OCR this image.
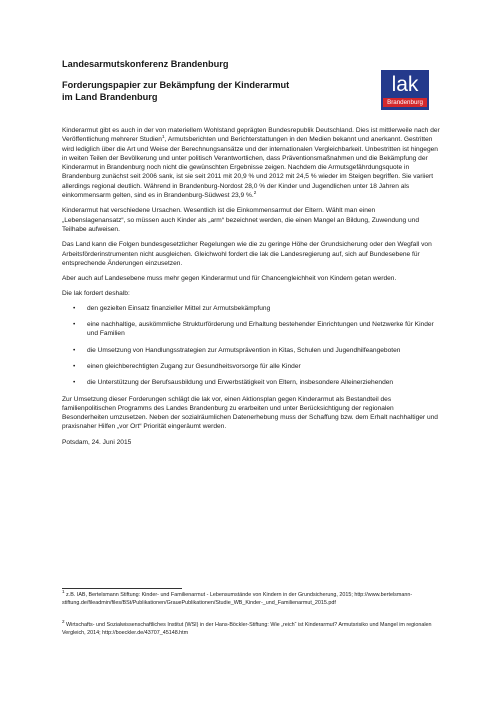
Landesarmutskonferenz Brandenburg
Forderungspapier zur Bekämpfung der Kinderarmut
im Land Brandenburg
lak
Brandenburg

Kinderarmut gibt es auch in der von materiellem Wohlstand geprägten Bundesrepublik Deutschland. Dies ist mittlerweile nach der Veröffentlichung mehrerer Studien$^1$, Armutsberichten und Berichterstattungen in den Medien bekannt und anerkannt. Gestritten wird lediglich über die Art und Weise der Berechnungsansätze und der internationalen Vergleichbarkeit. Unbestritten ist hingegen in weiten Teilen der Bevölkerung und unter politisch Verantwortlichen, dass Präventionsmaßnahmen und die Bekämpfung der Kinderarmut in Brandenburg noch nicht die gewünschten Ergebnisse zeigen. Nachdem die Armutsgefährdungsquote in Brandenburg zunächst seit 2006 sank, ist sie seit 2011 mit 20,9 % und 2012 mit 24,5 % wieder im Steigen begriffen. Sie variiert allerdings regional deutlich. Während in Brandenburg-Nordost 28,0 % der Kinder und Jugendlichen unter 18 Jahren als einkommensarm gelten, sind es in Brandenburg-Südwest 23,9 %.$^2$

Kinderarmut hat verschiedene Ursachen. Wesentlich ist die Einkommensarmut der Eltern. Wählt man einen „Lebenslagenansatz“, so müssen auch Kinder als „arm“ bezeichnet werden, die einen Mangel an Bildung, Zuwendung und Teilhabe aufweisen.

Das Land kann die Folgen bundesgesetzlicher Regelungen wie die zu geringe Höhe der Grundsicherung oder den Wegfall von Arbeitsförderinstrumenten nicht ausgleichen. Gleichwohl fordert die lak die Landesregierung auf, sich auf Bundesebene für entsprechende Änderungen einzusetzen.

Aber auch auf Landesebene muss mehr gegen Kinderarmut und für Chancengleichheit von Kindern getan werden.

Die lak fordert deshalb:

• den gezielten Einsatz finanzieller Mittel zur Armutsbekämpfung
• eine nachhaltige, auskömmliche Strukturförderung und Erhaltung bestehender Einrichtungen und Netzwerke für Kinder und Familien
• die Umsetzung von Handlungsstrategien zur Armutsprävention in Kitas, Schulen und Jugendhilfeangeboten
• einen gleichberechtigten Zugang zur Gesundheitsvorsorge für alle Kinder
• die Unterstützung der Berufsausbildung und Erwerbstätigkeit von Eltern, insbesondere Alleinerziehenden

Zur Umsetzung dieser Forderungen schlägt die lak vor, einen Aktionsplan gegen Kinderarmut als Bestandteil des familienpolitischen Programms des Landes Brandenburg zu erarbeiten und unter Berücksichtigung der regionalen Besonderheiten umzusetzen. Neben der sozialräumlichen Datenerhebung muss der Schaffung bzw. dem Erhalt nachhaltiger und praxisnaher Hilfen „vor Ort“ Priorität eingeräumt werden.

Potsdam, 24. Juni 2015

$^1$ z.B. IAB, Bertelsmann Stiftung: Kinder- und Familienarmut - Lebensumstände von Kindern in der Grundsicherung, 2015; http://www.bertelsmann-stiftung.de/fileadmin/files/BSt/Publikationen/GrauePublikationen/Studie_WB_Kinder-_und_Familienarmut_2015.pdf
$^2$ Wirtschafts- und Sozialwissenschaftliches Institut (WSI) in der Hans-Böckler-Stiftung: Wie „reich“ ist Kinderarmut? Armutsrisiko und Mangel im regionalen Vergleich, 2014; http://boeckler.de/43707_45148.htm
